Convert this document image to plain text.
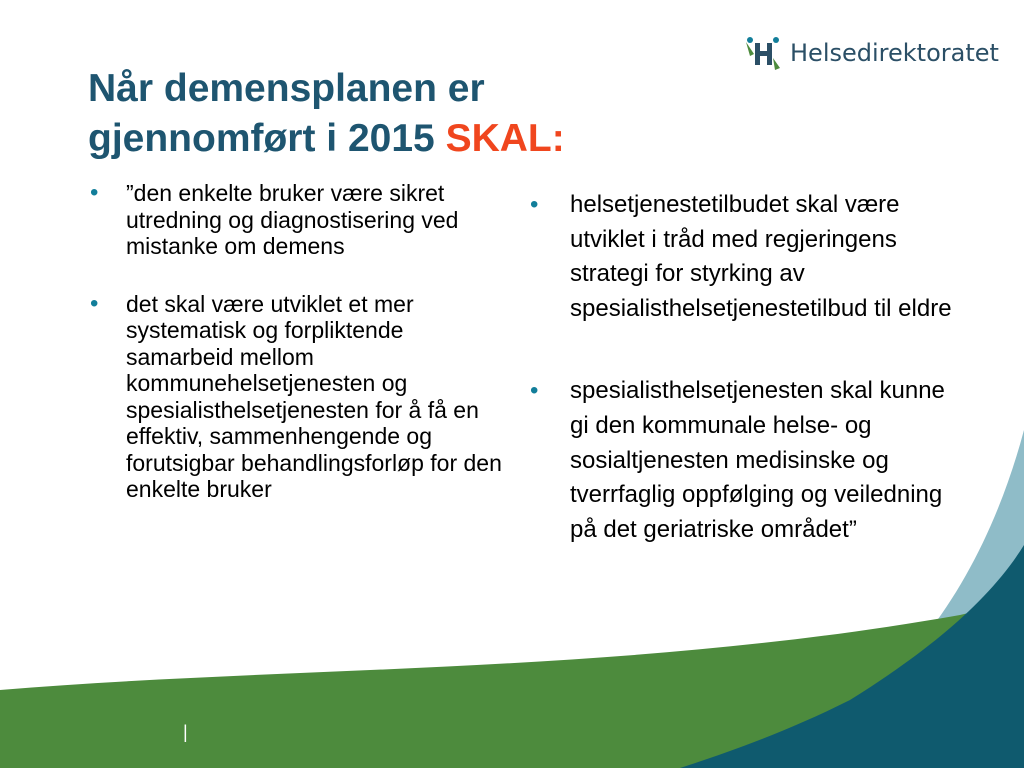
Helsedirektoratet
Når demensplanen er
gjennomført i 2015 SKAL:
• ”den enkelte bruker være sikret utredning og diagnostisering ved mistanke om demens
• det skal være utviklet et mer systematisk og forpliktende samarbeid mellom kommunehelsetjenesten og spesialisthelsetjenesten for å få en effektiv, sammenhengende og forutsigbar behandlingsforløp for den enkelte bruker
• helsetjenestetilbudet skal være utviklet i tråd med regjeringens strategi for styrking av spesialisthelsetjenestetilbud til eldre
• spesialisthelsetjenesten skal kunne gi den kommunale helse- og sosialtjenesten medisinske og tverrfaglig oppfølging og veiledning på det geriatriske området”
|
